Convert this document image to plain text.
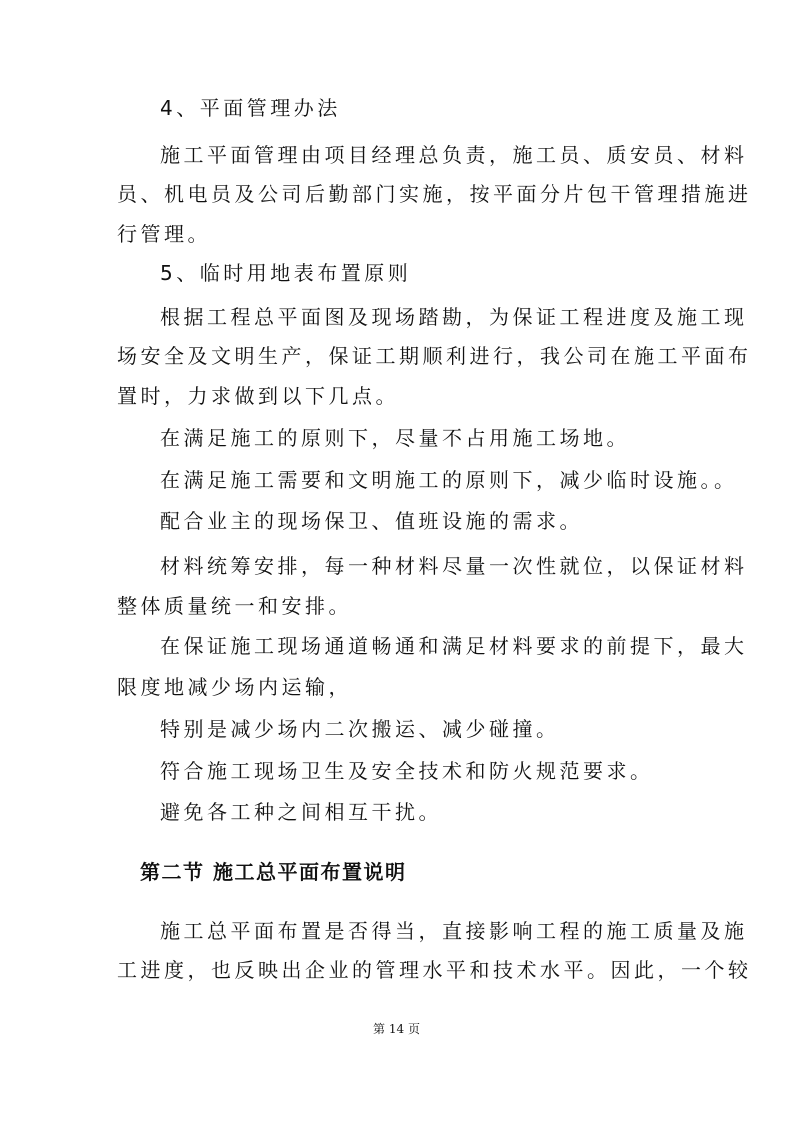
4、平面管理办法
施工平面管理由项目经理总负责，施工员、质安员、材料
员、机电员及公司后勤部门实施，按平面分片包干管理措施进
行管理。
5、临时用地表布置原则
根据工程总平面图及现场踏勘，为保证工程进度及施工现
场安全及文明生产，保证工期顺利进行，我公司在施工平面布
置时，力求做到以下几点。
在满足施工的原则下，尽量不占用施工场地。
在满足施工需要和文明施工的原则下，减少临时设施。。
配合业主的现场保卫、值班设施的需求。
材料统筹安排，每一种材料尽量一次性就位，以保证材料
整体质量统一和安排。
在保证施工现场通道畅通和满足材料要求的前提下，最大
限度地减少场内运输，
特别是减少场内二次搬运、减少碰撞。
符合施工现场卫生及安全技术和防火规范要求。
避免各工种之间相互干扰。
第二节 施工总平面布置说明
施工总平面布置是否得当，直接影响工程的施工质量及施
工进度，也反映出企业的管理水平和技术水平。因此，一个较
第 14 页
